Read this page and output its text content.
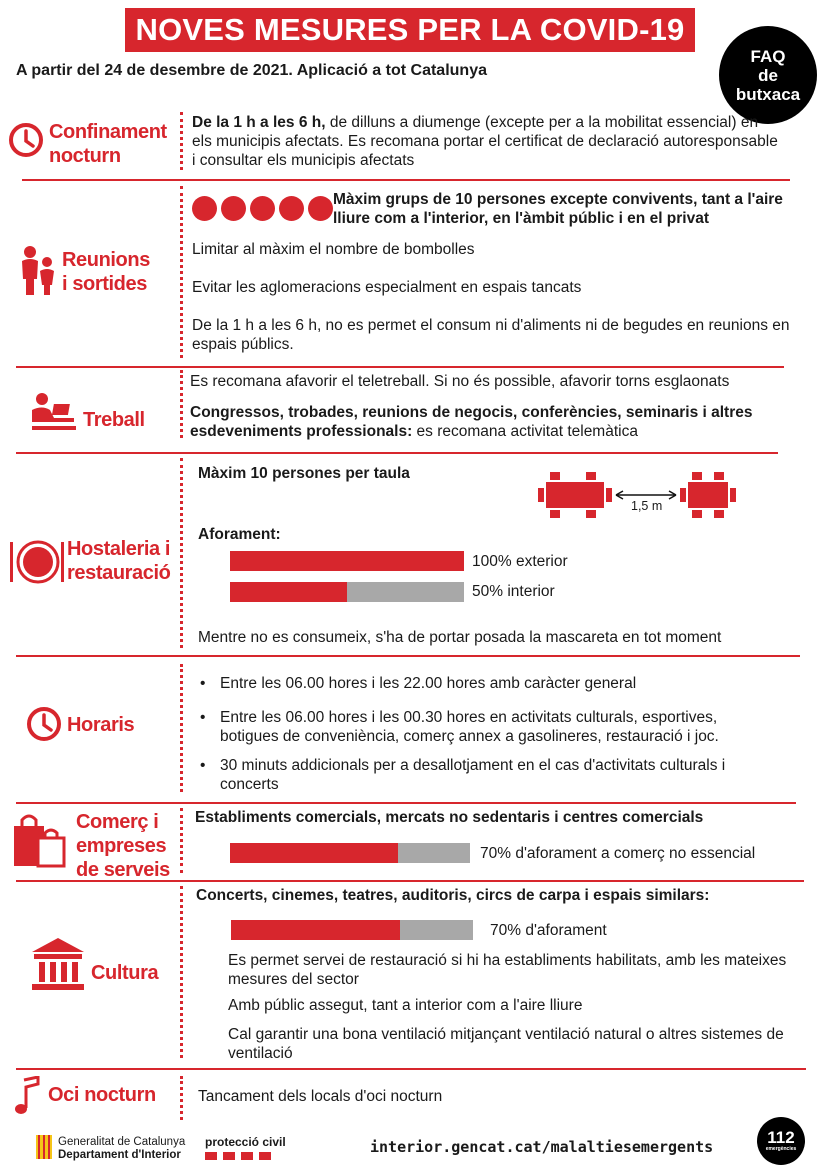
NOVES MESURES PER LA COVID-19
A partir del 24 de desembre de 2021. Aplicació a tot Catalunya
FAQ
de
butxaca
Confinament
nocturn
De la 1 h a les 6 h, de dilluns a diumenge (excepte per a la mobilitat essencial) en els municipis afectats. Es recomana portar el certificat de declaració autoresponsable i consultar els municipis afectats
Reunions
i sortides
Màxim grups de 10 persones excepte convivents, tant a l'aire lliure com a l'interior, en l'àmbit públic i en el privat
Limitar al màxim el nombre de bombolles
Evitar les aglomeracions especialment en espais tancats
De la 1 h a les 6 h, no es permet el consum ni d'aliments ni de begudes en reunions en espais públics.
Treball
Es recomana afavorir el teletreball. Si no és possible, afavorir torns esglaonats
Congressos, trobades, reunions de negocis, conferències, seminaris i altres esdeveniments professionals: es recomana activitat telemàtica
Hostaleria i
restauració
Màxim 10 persones per taula
1,5 m
Aforament:
100% exterior
50% interior
Mentre no es consumeix, s'ha de portar posada la mascareta en tot moment
Horaris
• Entre les 06.00 hores i les 22.00 hores amb caràcter general
• Entre les 06.00 hores i les 00.30 hores en activitats culturals, esportives, botigues de conveniència, comerç annex a gasolineres, restauració i joc.
• 30 minuts addicionals per a desallotjament en el cas d'activitats culturals i concerts
Comerç i
empreses
de serveis
Establiments comercials, mercats no sedentaris i centres comercials
70% d'aforament a comerç no essencial
Cultura
Concerts, cinemes, teatres, auditoris, circs de carpa i espais similars:
70% d'aforament
Es permet servei de restauració si hi ha establiments habilitats, amb les mateixes mesures del sector
Amb públic assegut, tant a interior com a l'aire lliure
Cal garantir una bona ventilació mitjançant ventilació natural o altres sistemes de ventilació
Oci nocturn	Tancament dels locals d'oci nocturn
Generalitat de Catalunya
Departament d'Interior
protecció civil	interior.gencat.cat/malaltiesemergents	112
emergències
